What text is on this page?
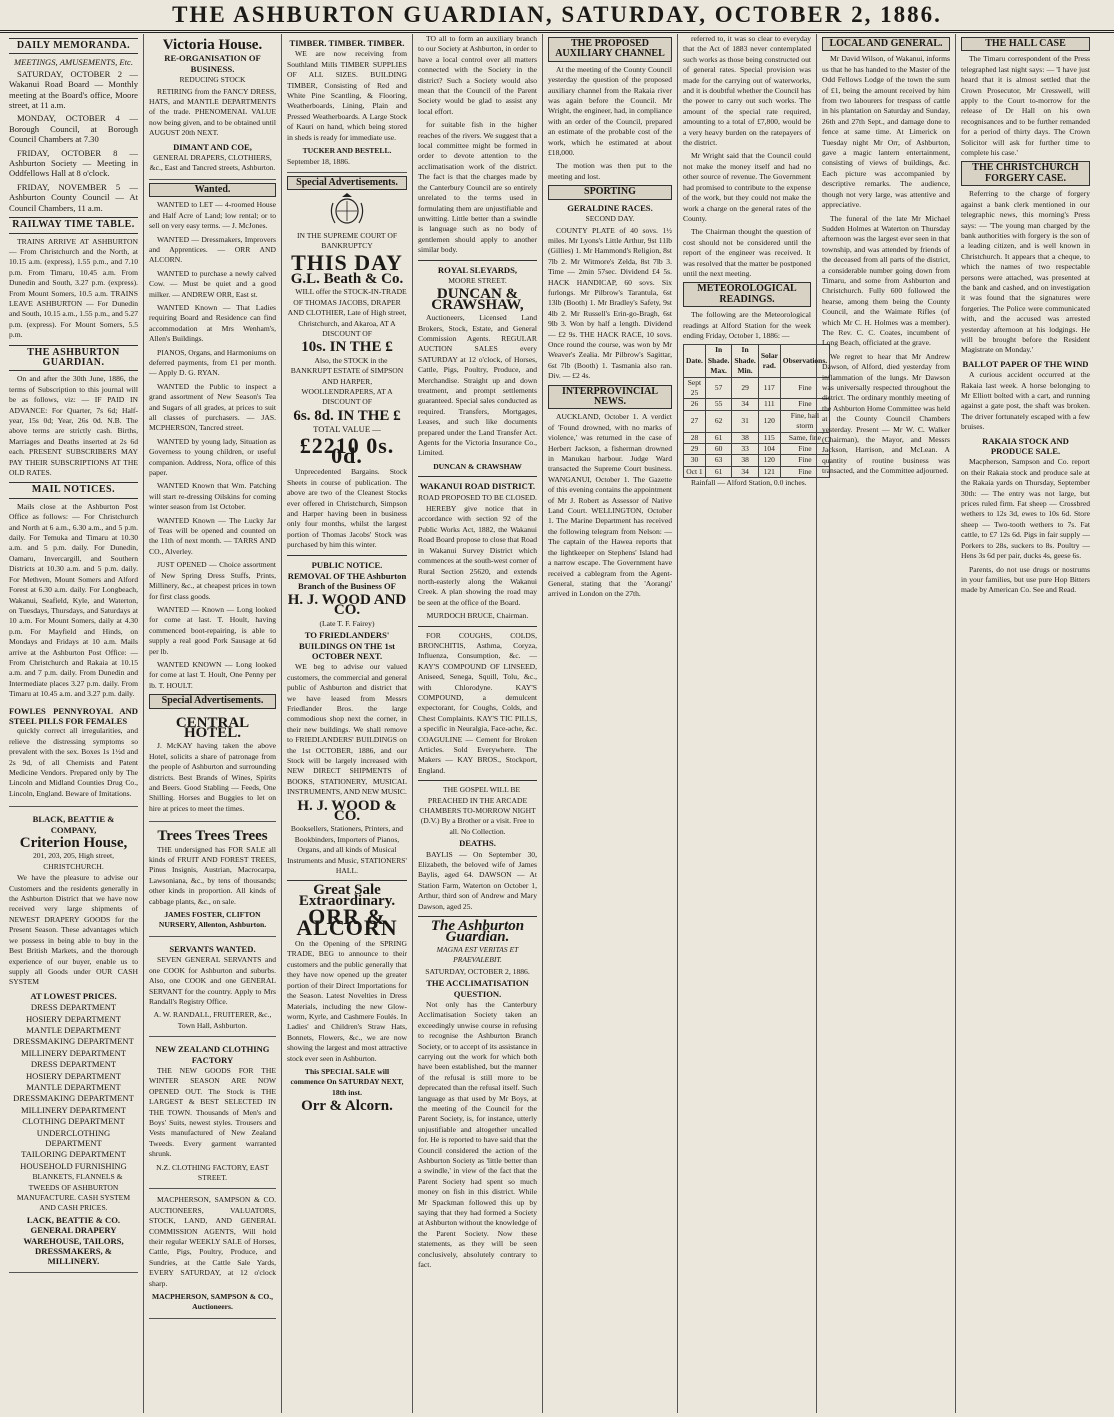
THE ASHBURTON GUARDIAN, SATURDAY, OCTOBER 2, 1886.
DAILY MEMORANDA.
MEETINGS, AMUSEMENTS, Etc.

SATURDAY, OCTOBER 2 — Wakanui Road Board — Monthly meeting at the Board's office, Moore street, at 11 a.m.

MONDAY, OCTOBER 4 — Borough Council, at Borough Council Chambers at 7.30

FRIDAY, OCTOBER 8 — Ashburton Society — Meeting in Oddfellows Hall at 8 o'clock.

FRIDAY, NOVEMBER 5 — Ashburton County Council — At Council Chambers, 11 a.m.

RAILWAY TIME TABLE.

TRAINS ARRIVE AT ASHBURTON — From Christchurch and the North, at 10.15 a.m. (express), 1.55 p.m., and 7.10 p.m. From Timaru, 10.45 a.m. From Dunedin and South, 3.27 p.m. (express). From Mount Somers, 10.5 a.m. TRAINS LEAVE ASHBURTON — For Dunedin and South, 10.15 a.m., 1.55 p.m., and 5.27 p.m. (express). For Mount Somers, 5.5 p.m.

THE ASHBURTON GUARDIAN.

On and after the 30th June, 1886, the terms of Subscription to this journal will be as follows, viz: — IF PAID IN ADVANCE: For Quarter, 7s 6d; Half-year, 15s 0d; Year, 26s 0d. N.B. The above terms are strictly cash. Births, Marriages and Deaths inserted at 2s 6d each. PRESENT SUBSCRIBERS MAY PAY THEIR SUBSCRIPTIONS AT THE OLD RATES.

MAIL NOTICES.

Mails close at the Ashburton Post Office as follows: — For Christchurch and North at 6 a.m., 6.30 a.m., and 5 p.m. daily. For Temuka and Timaru at 10.30 a.m. and 5 p.m. daily. For Dunedin, Oamaru, Invercargill, and Southern Districts at 10.30 a.m. and 5 p.m. daily. For Methven, Mount Somers and Alford Forest at 6.30 a.m. daily. For Longbeach, Wakanui, Seafield, Kyle, and Waterton, on Tuesdays, Thursdays, and Saturdays at 10 a.m. For Mount Somers, daily at 4.30 p.m. For Mayfield and Hinds, on Mondays and Fridays at 10 a.m. Mails arrive at the Ashburton Post Office: — From Christchurch and Rakaia at 10.15 a.m. and 7 p.m. daily. From Dunedin and Intermediate places 3.27 p.m. daily. From Timaru at 10.45 a.m. and 3.27 p.m. daily.

FOWLES PENNYROYAL AND STEEL PILLS FOR FEMALES

quickly correct all irregularities, and relieve the distressing symptoms so prevalent with the sex. Boxes 1s 1½d and 2s 9d, of all Chemists and Patent Medicine Vendors. Prepared only by The Lincoln and Midland Counties Drug Co., Lincoln, England. Beware of Imitations.

BLACK, BEATTIE & COMPANY,
Criterion House,
201, 203, 205, High street, CHRISTCHURCH.

We have the pleasure to advise our Customers and the residents generally in the Ashburton District that we have now received very large shipments of NEWEST DRAPERY GOODS for the Present Season. These advantages which we possess in being able to buy in the Best British Markets, and the thorough experience of our buyer, enable us to supply all Goods under OUR CASH SYSTEM

AT LOWEST PRICES.
DRESS DEPARTMENT
HOSIERY DEPARTMENT
MANTLE DEPARTMENT
DRESSMAKING DEPARTMENT
MILLINERY DEPARTMENT
DRESS DEPARTMENT
HOSIERY DEPARTMENT
MANTLE DEPARTMENT
DRESSMAKING DEPARTMENT
MILLINERY DEPARTMENT
CLOTHING DEPARTMENT
UNDERCLOTHING DEPARTMENT
TAILORING DEPARTMENT
HOUSEHOLD FURNISHING

BLANKETS, FLANNELS & TWEEDS OF ASHBURTON MANUFACTURE. CASH SYSTEM AND CASH PRICES.

LACK, BEATTIE & CO. GENERAL DRAPERY WAREHOUSE, TAILORS, DRESSMAKERS, & MILLINERY.
Victoria House.
RE-ORGANISATION OF BUSINESS.
REDUCING STOCK

RETIRING from the FANCY DRESS, HATS, and MANTLE DEPARTMENTS of the trade. PHENOMENAL VALUE now being given, and to be obtained until AUGUST 20th NEXT.

DIMANT AND COE,
GENERAL DRAPERS, CLOTHIERS, &c., East and Tancred streets, Ashburton.
Wanted.

WANTED to LET — 4-roomed House and Half Acre of Land; low rental; or to sell on very easy terms. — J. McJones.

WANTED — Dressmakers, Improvers and Apprentices. — ORR AND ALCORN.

WANTED to purchase a newly calved Cow. — Must be quiet and a good milker. — ANDREW ORR, East st.

WANTED Known — That Ladies requiring Board and Residence can find accommodation at Mrs Wenham's, Allen's Buildings.

PIANOS, Organs, and Harmoniums on deferred payments, from £1 per month. — Apply D. G. RYAN.

WANTED the Public to inspect a grand assortment of New Season's Tea and Sugars of all grades, at prices to suit all classes of purchasers. — JAS. MCPHERSON, Tancred street.

WANTED by young lady, Situation as Governess to young children, or useful companion. Address, Nora, office of this paper.

WANTED Known that Wm. Patching will start re-dressing Oilskins for coming winter season from 1st October.

WANTED Known — The Lucky Jar of Teas will be opened and counted on the 11th of next month. — TARRS AND CO., Alverley.

JUST OPENED — Choice assortment of New Spring Dress Stuffs, Prints, Millinery, &c., at cheapest prices in town for first class goods.

WANTED — Known — Long looked for come at last. T. Hoult, having commenced boot-repairing, is able to supply a real good Pork Sausage at 6d per lb.

WANTED KNOWN — Long looked for come at last T. Hoult, One Penny per lb. T. HOULT.

Special Advertisements.
CENTRAL HOTEL.

J. McKAY having taken the above Hotel, solicits a share of patronage from the people of Ashburton and surrounding districts. Best Brands of Wines, Spirits and Beers. Good Stabling — Feeds, One Shilling. Horses and Buggies to let on hire at prices to meet the times.

Trees Trees Trees

THE undersigned has FOR SALE all kinds of FRUIT AND FOREST TREES, Pinus Insignis, Austrian, Macrocarpa, Lawsoniana, &c., by tens of thousands; other kinds in proportion. All kinds of cabbage plants, &c., on sale.

JAMES FOSTER, CLIFTON NURSERY, Allenton, Ashburton.
SERVANTS WANTED.

SEVEN GENERAL SERVANTS and one COOK for Ashburton and suburbs. Also, one COOK and one GENERAL SERVANT for the country. Apply to Mrs Randall's Registry Office.

A. W. RANDALL, FRUITERER, &c., Town Hall, Ashburton.
NEW ZEALAND CLOTHING FACTORY

THE NEW GOODS FOR THE WINTER SEASON ARE NOW OPENED OUT. The Stock is THE LARGEST & BEST SELECTED IN THE TOWN. Thousands of Men's and Boys' Suits, newest styles. Trousers and Vests manufactured of New Zealand Tweeds. Every garment warranted shrunk.

N.Z. CLOTHING FACTORY, EAST STREET.

MACPHERSON, SAMPSON & CO. AUCTIONEERS, VALUATORS, STOCK, LAND, AND GENERAL COMMISSION AGENTS, Will hold their regular WEEKLY SALE of Horses, Cattle, Pigs, Poultry, Produce, and Sundries, at the Cattle Sale Yards, EVERY SATURDAY, at 12 o'clock sharp.

MACPHERSON, SAMPSON & CO., Auctioneers.
TIMBER. TIMBER. TIMBER.

WE are now receiving from Southland Mills TIMBER SUPPLIES OF ALL SIZES. BUILDING TIMBER, Consisting of Red and White Pine Scantling, & Flooring, Weatherboards, Lining, Plain and Pressed Weatherboards. A Large Stock of Kauri on hand, which being stored in sheds is ready for immediate use.

TUCKER AND BESTELL.
September 18, 1886.
Special Advertisements.
IN THE SUPREME COURT OF BANKRUPTCY
THIS DAY
G.L. Beath & Co.

WILL offer the STOCK-IN-TRADE OF THOMAS JACOBS, DRAPER AND CLOTHIER, Late of High street, Christchurch, and Akaroa, AT A DISCOUNT OF

10s. IN THE £

Also, the STOCK in the BANKRUPT ESTATE of SIMPSON AND HARPER, WOOLLENDRAPERS, AT A DISCOUNT OF

6s. 8d. IN THE £
TOTAL VALUE —
£2210 0s. 0d.

Unprecedented Bargains. Stock Sheets in course of publication. The above are two of the Cleanest Stocks ever offered in Christchurch, Simpson and Harper having been in business only four months, whilst the largest portion of Thomas Jacobs' Stock was purchased by him this winter.

PUBLIC NOTICE.
REMOVAL OF THE Ashburton Branch of the Business OF
H. J. WOOD AND CO.
(Late T. F. Fairey)
TO FRIEDLANDERS' BUILDINGS ON THE 1st OCTOBER NEXT.

WE beg to advise our valued customers, the commercial and general public of Ashburton and district that we have leased from Messrs Friedlander Bros. the large commodious shop next the corner, in their new buildings. We shall remove to FRIEDLANDERS' BUILDINGS on the 1st OCTOBER, 1886, and our Stock will be largely increased with NEW DIRECT SHIPMENTS of BOOKS, STATIONERY, MUSICAL INSTRUMENTS, AND NEW MUSIC.

H. J. WOOD & CO.
Booksellers, Stationers, Printers, and Bookbinders, Importers of Pianos, Organs, and all kinds of Musical Instruments and Music, STATIONERS' HALL.
Great Sale Extraordinary.
ORR & ALCORN

On the Opening of the SPRING TRADE, BEG to announce to their customers and the public generally that they have now opened up the greater portion of their Direct Importations for the Season. Latest Novelties in Dress Materials, including the new Glow-worm, Kyrle, and Cashmere Foulés. In Ladies' and Children's Straw Hats, Bonnets, Flowers, &c., we are now showing the largest and most attractive stock ever seen in Ashburton.

This SPECIAL SALE will commence On SATURDAY NEXT, 18th inst.
Orr & Alcorn.

TO all to form an auxiliary branch to our Society at Ashburton, in order to have a local control over all matters connected with the Society in the district? Such a Society would also mean that the Council of the Parent Society would be glad to assist any local effort.

for suitable fish in the higher reaches of the rivers. We suggest that a local committee might be formed in order to devote attention to the acclimatisation work of the district. The fact is that the charges made by the Canterbury Council are so entirely unrelated to the terms used in formulating them are unjustifiable and unwitting. Little better than a swindle is language such as no body of gentlemen should apply to another similar body.

ROYAL SLEYARDS,
MOORE STREET.
DUNCAN & CRAWSHAW,

Auctioneers, Licensed Land Brokers, Stock, Estate, and General Commission Agents. REGULAR AUCTION SALES every SATURDAY at 12 o'clock, of Horses, Cattle, Pigs, Poultry, Produce, and Merchandise. Straight up and down treatment, and prompt settlements guaranteed. Special sales conducted as required. Transfers, Mortgages, Leases, and such like documents prepared under the Land Transfer Act. Agents for the Victoria Insurance Co., Limited.

DUNCAN & CRAWSHAW
WAKANUI ROAD DISTRICT.
ROAD PROPOSED TO BE CLOSED.

HEREBY give notice that in accordance with section 92 of the Public Works Act, 1882, the Wakanui Road Board propose to close that Road in Wakanui Survey District which commences at the south-west corner of Rural Section 25620, and extends north-easterly along the Wakanui Creek. A plan showing the road may be seen at the office of the Board.

MURDOCH BRUCE, Chairman.

FOR COUGHS, COLDS, BRONCHITIS, Asthma, Coryza, Influenza, Consumption, &c. — KAY'S COMPOUND OF LINSEED, Aniseed, Senega, Squill, Tolu, &c., with Chlorodyne. KAY'S COMPOUND, a demulcent expectorant, for Coughs, Colds, and Chest Complaints. KAY'S TIC PILLS, a specific in Neuralgia, Face-ache, &c. COAGULINE — Cement for Broken Articles. Sold Everywhere. The Makers — KAY BROS., Stockport, England.

THE GOSPEL WILL BE PREACHED IN THE ARCADE CHAMBERS TO-MORROW NIGHT (D.V.) By a Brother or a visit. Free to all. No Collection.

DEATHS.

BAYLIS — On September 30, Elizabeth, the beloved wife of James Baylis, aged 64. DAWSON — At Station Farm, Waterton on October 1, Arthur, third son of Andrew and Mary Dawson, aged 25.

The Ashburton Guardian.
MAGNA EST VERITAS ET PRAEVALEBIT.
SATURDAY, OCTOBER 2, 1886.
THE ACCLIMATISATION QUESTION.

Not only has the Canterbury Acclimatisation Society taken an exceedingly unwise course in refusing to recognise the Ashburton Branch Society, or to accept of its assistance in carrying out the work for which both have been established, but the manner of the refusal is still more to be deprecated than the refusal itself. Such language as that used by Mr Boys, at the meeting of the Council for the Parent Society, is, for instance, utterly unjustifiable and altogether uncalled for. He is reported to have said that the Council considered the action of the Ashburton Society as 'little better than a swindle,' in view of the fact that the Parent Society had spent so much money on fish in this district. While Mr Spackman followed this up by saying that they had formed a Society at Ashburton without the knowledge of the Parent Society. Now these statements, as they will be seen conclusively, absolutely contrary to fact.

THE PROPOSED AUXILIARY CHANNEL

At the meeting of the County Council yesterday the question of the proposed auxiliary channel from the Rakaia river was again before the Council. Mr Wright, the engineer, had, in compliance with an order of the Council, prepared an estimate of the probable cost of the work, which he estimated at about £18,000.

The motion was then put to the meeting and lost.

SPORTING
GERALDINE RACES.
SECOND DAY.

COUNTY PLATE of 40 sovs. 1½ miles. Mr Lyons's Little Arthur, 9st 11lb (Gillies) 1. Mr Hammond's Religion, 8st 7lb 2. Mr Witmore's Zelda, 8st 7lb 3. Time — 2min 57sec. Dividend £4 5s. HACK HANDICAP, 60 sovs. Six furlongs. Mr Pilbrow's Tarantula, 6st 13lb (Booth) 1. Mr Bradley's Safety, 9st 4lb 2. Mr Russell's Erin-go-Bragh, 6st 9lb 3. Won by half a length. Dividend — £2 9s. THE HACK RACE, 10 sovs. Once round the course, was won by Mr Weaver's Zealia. Mr Pilbrow's Sagittar, 6st 7lb (Booth) 1. Tasmania also ran. Div. — £2 4s.

INTERPROVINCIAL NEWS.

AUCKLAND, October 1. A verdict of 'Found drowned, with no marks of violence,' was returned in the case of Herbert Jackson, a fisherman drowned in Manukau harbour. Judge Ward transacted the Supreme Court business. WANGANUI, October 1. The Gazette of this evening contains the appointment of Mr J. Robert as Assessor of Native Land Court. WELLINGTON, October 1. The Marine Department has received the following telegram from Nelson: — The captain of the Hawea reports that the lightkeeper on Stephens' Island had a narrow escape. The Government have received a cablegram from the Agent-General, stating that the 'Aorangi' arrived in London on the 27th.

referred to, it was so clear to everyday that the Act of 1883 never contemplated such works as those being constructed out of general rates. Special provision was made for the carrying out of waterworks, and it is doubtful whether the Council has the power to carry out such works. The amount of the special rate required, amounting to a total of £7,800, would be a very heavy burden on the ratepayers of the district.

Mr Wright said that the Council could not make the money itself and had no other source of revenue. The Government had promised to contribute to the expense of the work, but they could not make the work a charge on the general rates of the County.

The Chairman thought the question of cost should not be considered until the report of the engineer was received. It was resolved that the matter be postponed until the next meeting.

METEOROLOGICAL READINGS.

The following are the Meteorological readings at Alford Station for the week ending Friday, October 1, 1886: —

Date.	In Shade. Max.	In Shade. Min.	Solar rad.	Observations.
Sept 25	57	29	117	Fine
26	55	34	111	Fine
27	62	31	120	Fine, hail storm
28	61	38	115	Same, fine
29	60	33	104	Fine
30	63	38	120	Fine
Oct 1	61	34	121	Fine

Rainfall — Alford Station, 0.0 inches.

LOCAL AND GENERAL.

Mr David Wilson, of Wakanui, informs us that he has handed to the Master of the Odd Fellows Lodge of the town the sum of £1, being the amount received by him from two labourers for trespass of cattle in his plantation on Saturday and Sunday, 26th and 27th Sept., and damage done to fence at same time. At Limerick on Tuesday night Mr Orr, of Ashburton, gave a magic lantern entertainment, consisting of views of buildings, &c. Each picture was accompanied by descriptive remarks. The audience, though not very large, was attentive and appreciative.

The funeral of the late Mr Michael Sudden Holmes at Waterton on Thursday afternoon was the largest ever seen in that township, and was attended by friends of the deceased from all parts of the district, a considerable number going down from Timaru, and some from Ashburton and Christchurch. Fully 600 followed the hearse, among them being the County Council, and the Waimate Rifles (of which Mr C. H. Holmes was a member). The Rev. C. C. Coates, incumbent of Long Beach, officiated at the grave.

We regret to hear that Mr Andrew Dawson, of Alford, died yesterday from inflammation of the lungs. Mr Dawson was universally respected throughout the district. The ordinary monthly meeting of the Ashburton Home Committee was held at the County Council Chambers yesterday. Present — Mr W. C. Walker (Chairman), the Mayor, and Messrs Jackson, Harrison, and McLean. A quantity of routine business was transacted, and the Committee adjourned.

THE HALL CASE

The Timaru correspondent of the Press telegraphed last night says: — 'I have just heard that it is almost settled that the Crown Prosecutor, Mr Cresswell, will apply to the Court to-morrow for the release of Dr Hall on his own recognisances and to be further remanded for a period of thirty days. The Crown Solicitor will ask for further time to complete his case.'

THE CHRISTCHURCH FORGERY CASE.

Referring to the charge of forgery against a bank clerk mentioned in our telegraphic news, this morning's Press says: — 'The young man charged by the bank authorities with forgery is the son of a leading citizen, and is well known in Christchurch. It appears that a cheque, to which the names of two respectable persons were attached, was presented at the bank and cashed, and on investigation it was found that the signatures were forgeries. The Police were communicated with, and the accused was arrested yesterday afternoon at his lodgings. He will be brought before the Resident Magistrate on Monday.'

BALLOT PAPER OF THE WIND

A curious accident occurred at the Rakaia last week. A horse belonging to Mr Elliott bolted with a cart, and running against a gate post, the shaft was broken. The driver fortunately escaped with a few bruises.

RAKAIA STOCK AND PRODUCE SALE.

Macpherson, Sampson and Co. report on their Rakaia stock and produce sale at the Rakaia yards on Thursday, September 30th: — The entry was not large, but prices ruled firm. Fat sheep — Crossbred wethers to 12s 3d, ewes to 10s 6d. Store sheep — Two-tooth wethers to 7s. Fat cattle, to £7 12s 6d. Pigs in fair supply — Porkers to 28s, suckers to 8s. Poultry — Hens 3s 6d per pair, ducks 4s, geese 6s.

Parents, do not use drugs or nostrums in your families, but use pure Hop Bitters made by American Co. See and Read.
